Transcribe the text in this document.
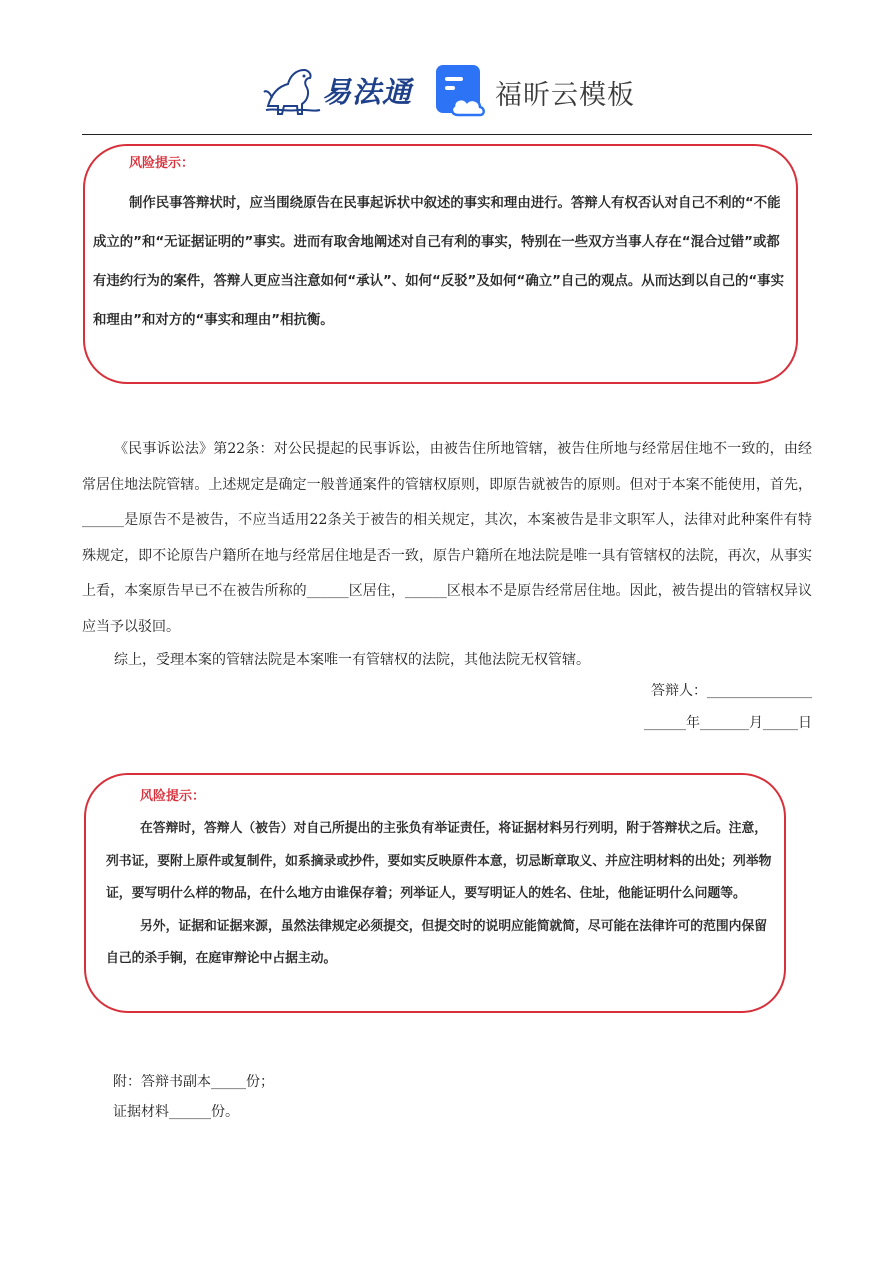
易法通	福昕云模板
风险提示：

制作民事答辩状时，应当围绕原告在民事起诉状中叙述的事实和理由进行。答辩人有权否认对自己不利的“不能成立的”和“无证据证明的”事实。进而有取舍地阐述对自己有利的事实，特别在一些双方当事人存在“混合过错”或都有违约行为的案件，答辩人更应当注意如何“承认”、如何“反驳”及如何“确立”自己的观点。从而达到以自己的“事实和理由”和对方的“事实和理由”相抗衡。

《民事诉讼法》第22条：对公民提起的民事诉讼，由被告住所地管辖，被告住所地与经常居住地不一致的，由经常居住地法院管辖。上述规定是确定一般普通案件的管辖权原则，即原告就被告的原则。但对于本案不能使用，首先，______是原告不是被告，不应当适用22条关于被告的相关规定，其次，本案被告是非文职军人，法律对此种案件有特殊规定，即不论原告户籍所在地与经常居住地是否一致，原告户籍所在地法院是唯一具有管辖权的法院，再次，从事实上看，本案原告早已不在被告所称的______区居住，______区根本不是原告经常居住地。因此，被告提出的管辖权异议应当予以驳回。

综上，受理本案的管辖法院是本案唯一有管辖权的法院，其他法院无权管辖。

答辩人：_______________
______年_______月_____日
风险提示：

在答辩时，答辩人（被告）对自己所提出的主张负有举证责任，将证据材料另行列明，附于答辩状之后。注意，列书证，要附上原件或复制件，如系摘录或抄件，要如实反映原件本意，切忌断章取义、并应注明材料的出处；列举物证，要写明什么样的物品，在什么地方由谁保存着；列举证人，要写明证人的姓名、住址，他能证明什么问题等。

另外，证据和证据来源，虽然法律规定必须提交，但提交时的说明应能简就简，尽可能在法律许可的范围内保留自己的杀手锏，在庭审辩论中占据主动。

附：答辩书副本_____份；
证据材料______份。
